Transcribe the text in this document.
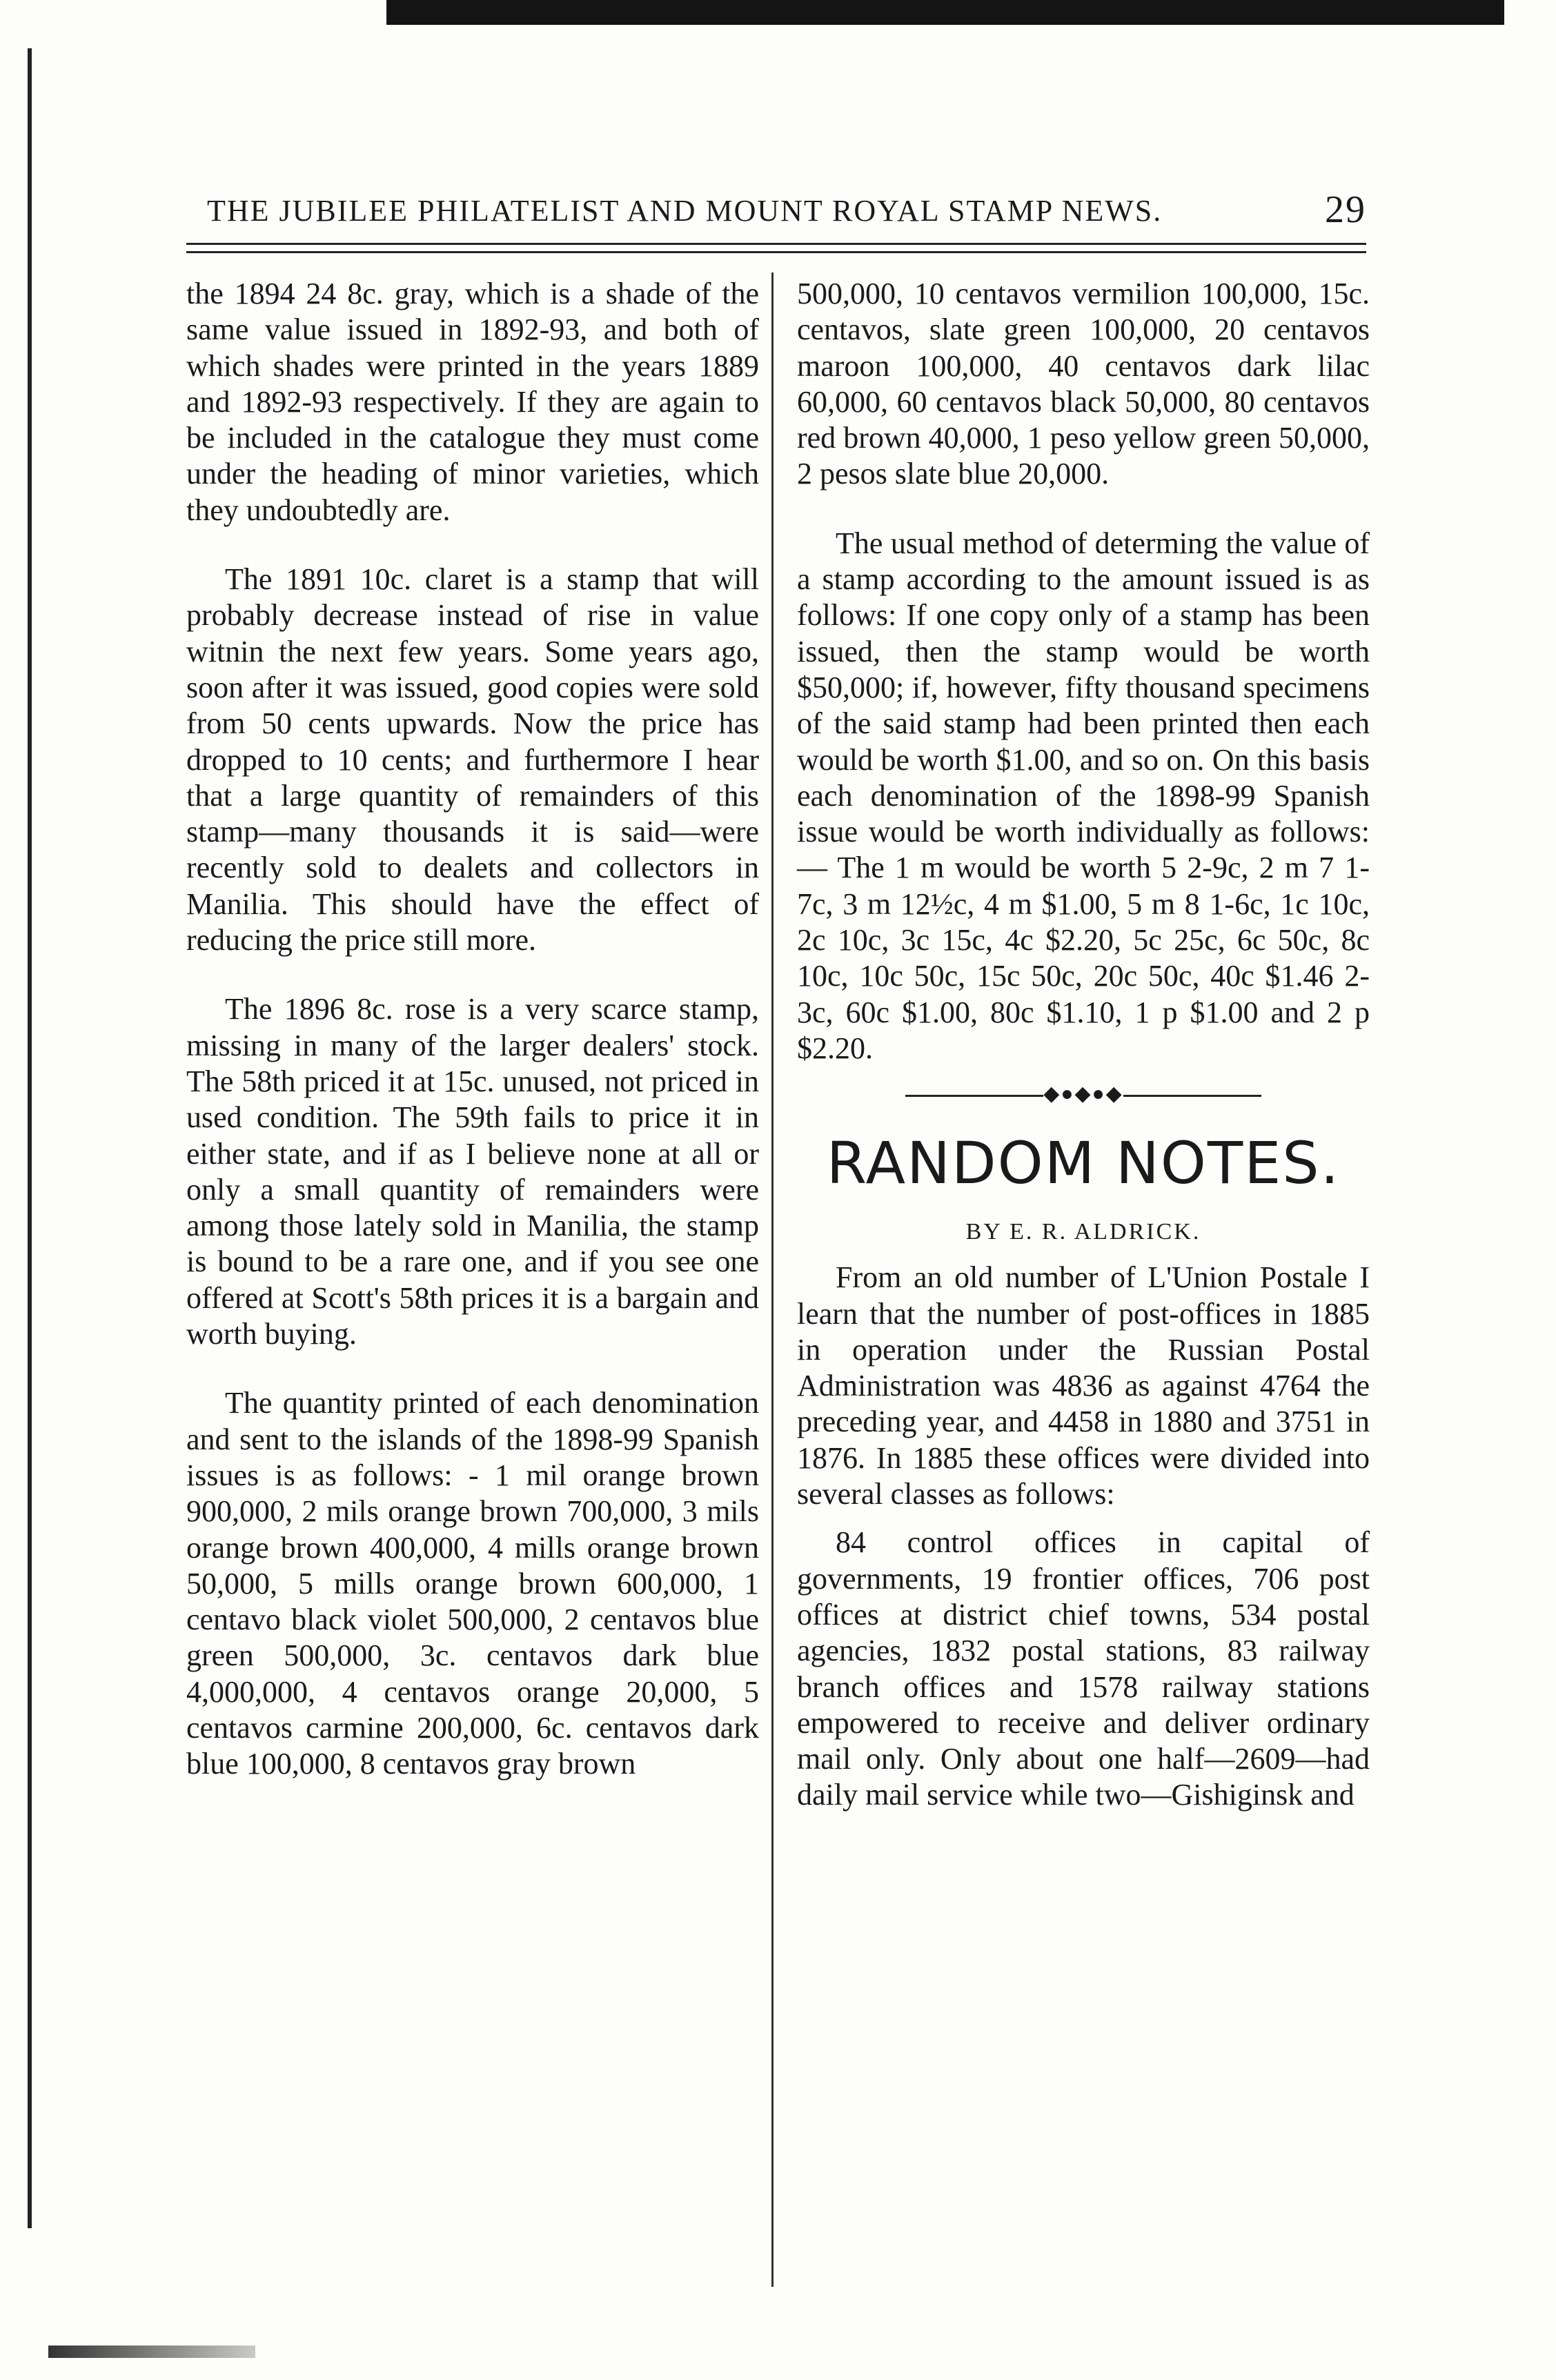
THE JUBILEE PHILATELIST AND MOUNT ROYAL STAMP NEWS.	29

the 1894 24 8c. gray, which is a shade of the same value issued in 1892-93, and both of which shades were printed in the years 1889 and 1892-93 respectively. If they are again to be included in the catalogue they must come under the heading of minor varieties, which they undoubtedly are.

The 1891 10c. claret is a stamp that will probably decrease instead of rise in value witnin the next few years. Some years ago, soon after it was issued, good copies were sold from 50 cents upwards. Now the price has dropped to 10 cents; and furthermore I hear that a large quantity of remainders of this stamp—many thousands it is said—were recently sold to dealets and collectors in Manilia. This should have the effect of reducing the price still more.

The 1896 8c. rose is a very scarce stamp, missing in many of the larger dealers' stock. The 58th priced it at 15c. unused, not priced in used condition. The 59th fails to price it in either state, and if as I believe none at all or only a small quantity of remainders were among those lately sold in Manilia, the stamp is bound to be a rare one, and if you see one offered at Scott's 58th prices it is a bargain and worth buying.

The quantity printed of each denomination and sent to the islands of the 1898-99 Spanish issues is as follows: - 1 mil orange brown 900,000, 2 mils orange brown 700,000, 3 mils orange brown 400,000, 4 mills orange brown 50,000, 5 mills orange brown 600,000, 1 centavo black violet 500,000, 2 centavos blue green 500,000, 3c. centavos dark blue 4,000,000, 4 centavos orange 20,000, 5 centavos carmine 200,000, 6c. centavos dark blue 100,000, 8 centavos gray brown

500,000, 10 centavos vermilion 100,000, 15c. centavos, slate green 100,000, 20 centavos maroon 100,000, 40 centavos dark lilac 60,000, 60 centavos black 50,000, 80 centavos red brown 40,000, 1 peso yellow green 50,000, 2 pesos slate blue 20,000.

The usual method of determing the value of a stamp according to the amount issued is as follows: If one copy only of a stamp has been issued, then the stamp would be worth $50,000; if, however, fifty thousand specimens of the said stamp had been printed then each would be worth $1.00, and so on. On this basis each denomination of the 1898-99 Spanish issue would be worth individually as follows:— The 1 m would be worth 5 2-9c, 2 m 7 1-7c, 3 m 12½c, 4 m $1.00, 5 m 8 1-6c, 1c 10c, 2c 10c, 3c 15c, 4c $2.20, 5c 25c, 6c 50c, 8c 10c, 10c 50c, 15c 50c, 20c 50c, 40c $1.46 2-3c, 60c $1.00, 80c $1.10, 1 p $1.00 and 2 p $2.20.

◆●◆●◆
RANDOM NOTES.
BY E. R. ALDRICK.

From an old number of L'Union Postale I learn that the number of post-offices in 1885 in operation under the Russian Postal Administration was 4836 as against 4764 the preceding year, and 4458 in 1880 and 3751 in 1876. In 1885 these offices were divided into several classes as follows:

84 control offices in capital of governments, 19 frontier offices, 706 post offices at district chief towns, 534 postal agencies, 1832 postal stations, 83 railway branch offices and 1578 railway stations empowered to receive and deliver ordinary mail only. Only about one half—2609—had daily mail service while two—Gishiginsk and
